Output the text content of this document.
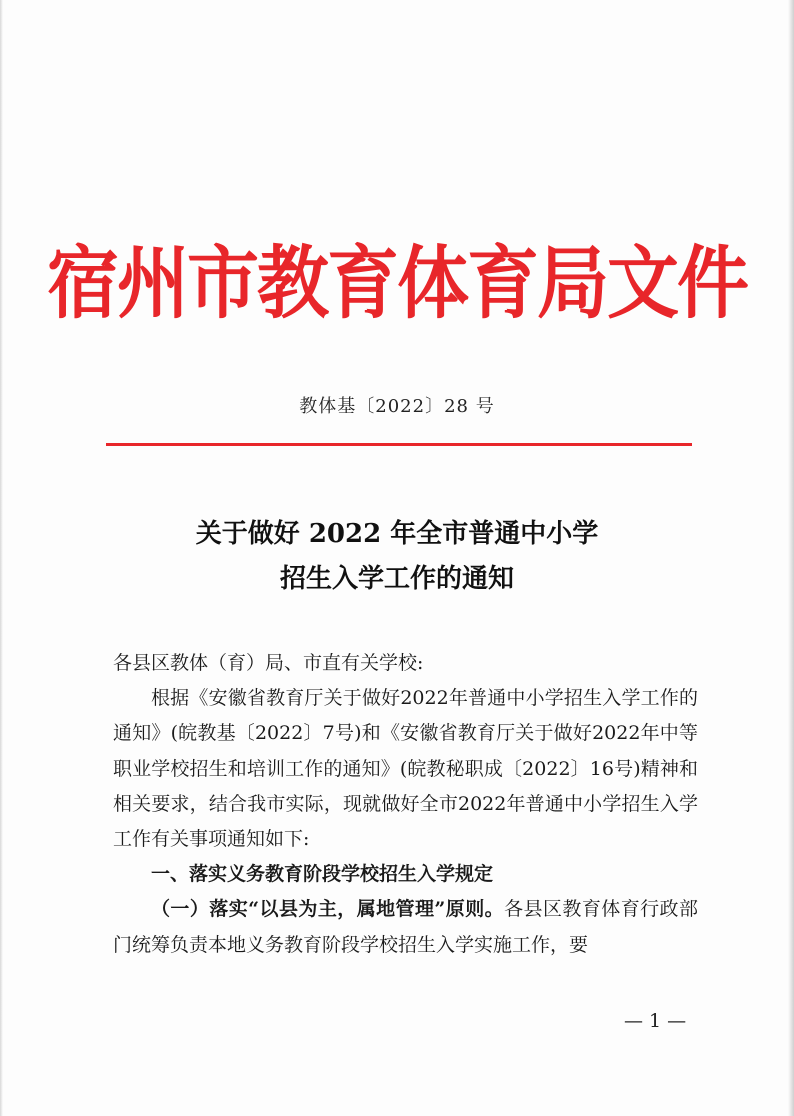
宿州市教育体育局文件
教体基〔2022〕28 号
关于做好 2022 年全市普通中小学
招生入学工作的通知

各县区教体（育）局、市直有关学校:

根据《安徽省教育厅关于做好2022年普通中小学招生入学工作的通知》(皖教基〔2022〕7号)和《安徽省教育厅关于做好2022年中等职业学校招生和培训工作的通知》(皖教秘职成〔2022〕16号)精神和相关要求，结合我市实际，现就做好全市2022年普通中小学招生入学工作有关事项通知如下:

一、落实义务教育阶段学校招生入学规定

（一）落实“以县为主，属地管理”原则。各县区教育体育行政部门统筹负责本地义务教育阶段学校招生入学实施工作，要

— 1 —
